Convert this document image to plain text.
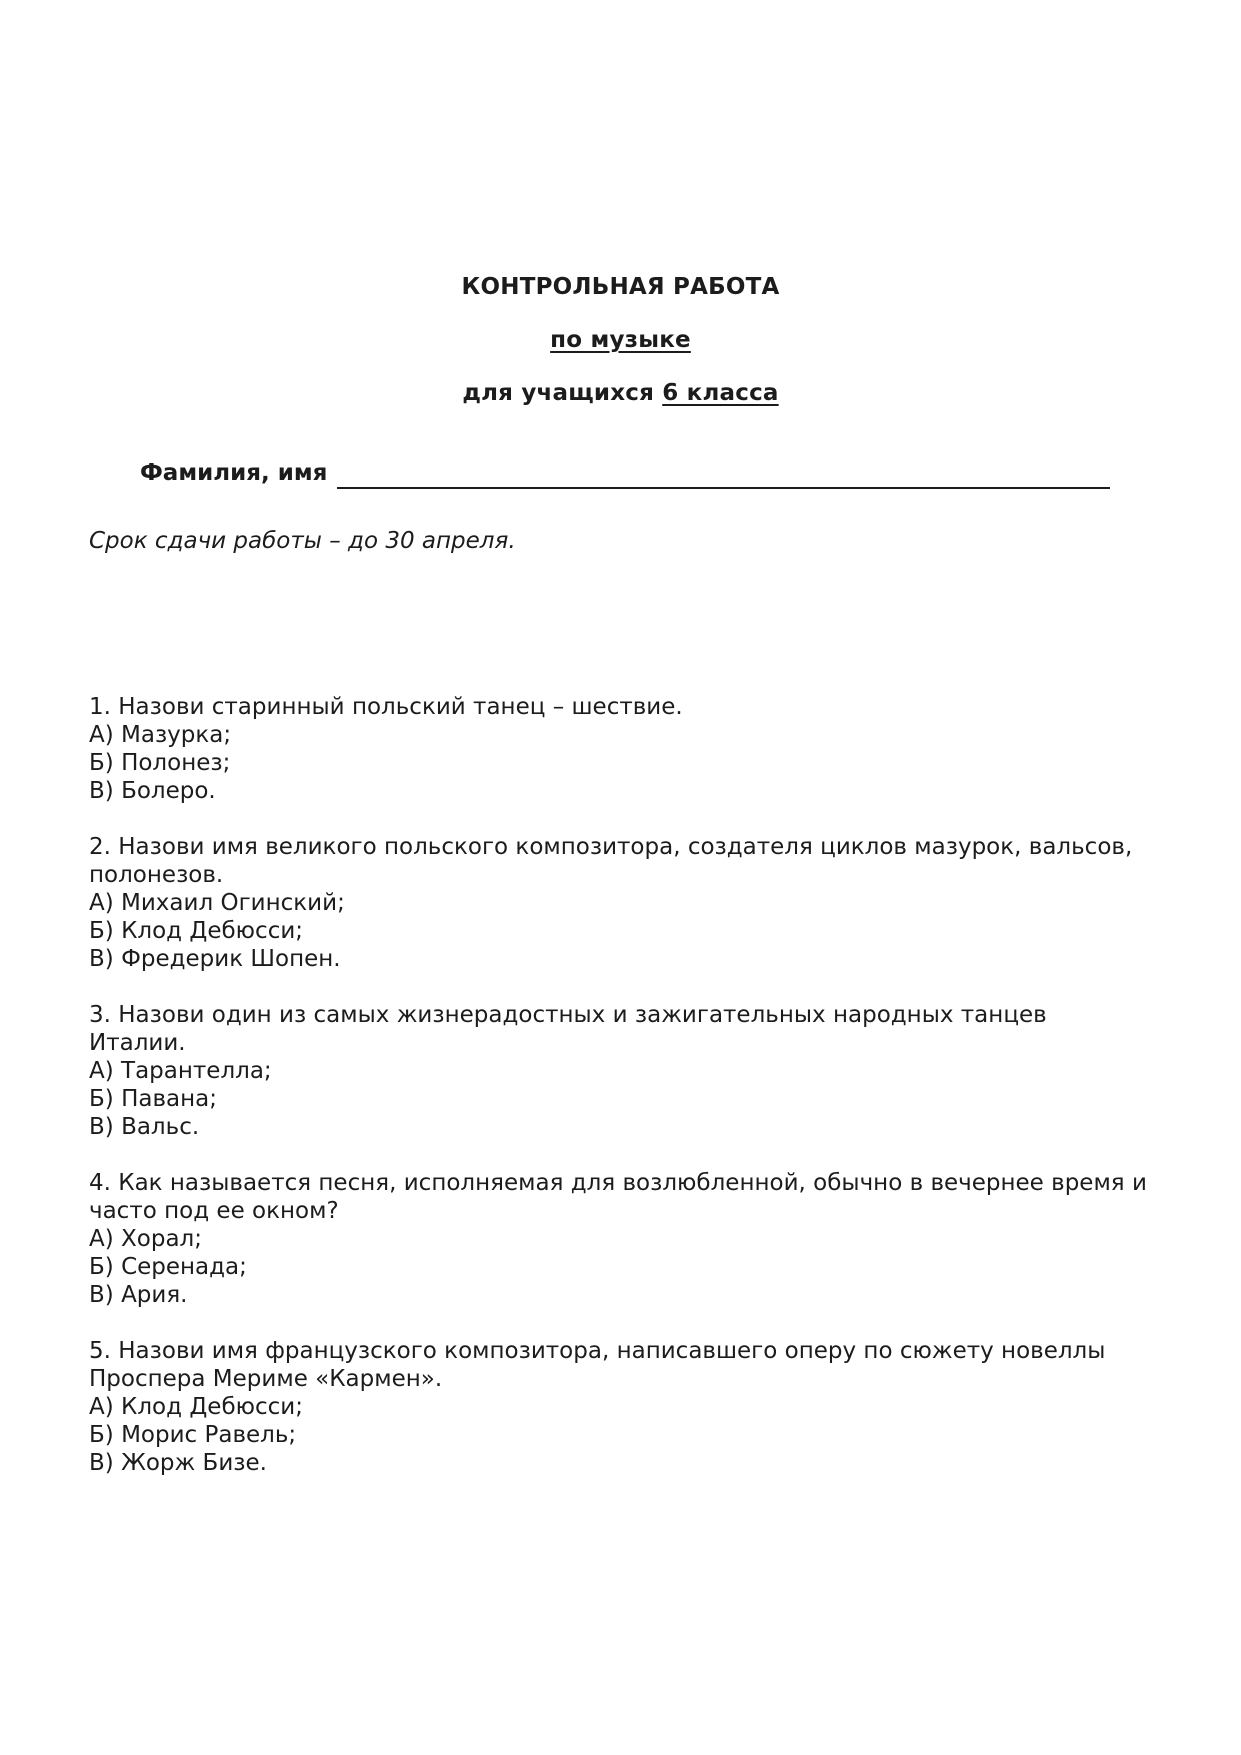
КОНТРОЛЬНАЯ РАБОТА
по музыке
для учащихся 6 класса
Фамилия, имя
Срок сдачи работы – до 30 апреля.
1. Назови старинный польский танец – шествие.
А) Мазурка;
Б) Полонез;
В) Болеро.
2. Назови имя великого польского композитора, создателя циклов мазурок, вальсов, полонезов.
А) Михаил Огинский;
Б) Клод Дебюсси;
В) Фредерик Шопен.
3. Назови один из самых жизнерадостных и зажигательных народных танцев Италии.
А) Тарантелла;
Б) Павана;
В) Вальс.
4. Как называется песня, исполняемая для возлюбленной, обычно в вечернее время и часто под ее окном?
А) Хорал;
Б) Серенада;
В) Ария.
5. Назови имя французского композитора, написавшего оперу по сюжету новеллы Проспера Мериме «Кармен».
А) Клод Дебюсси;
Б) Морис Равель;
В) Жорж Бизе.
